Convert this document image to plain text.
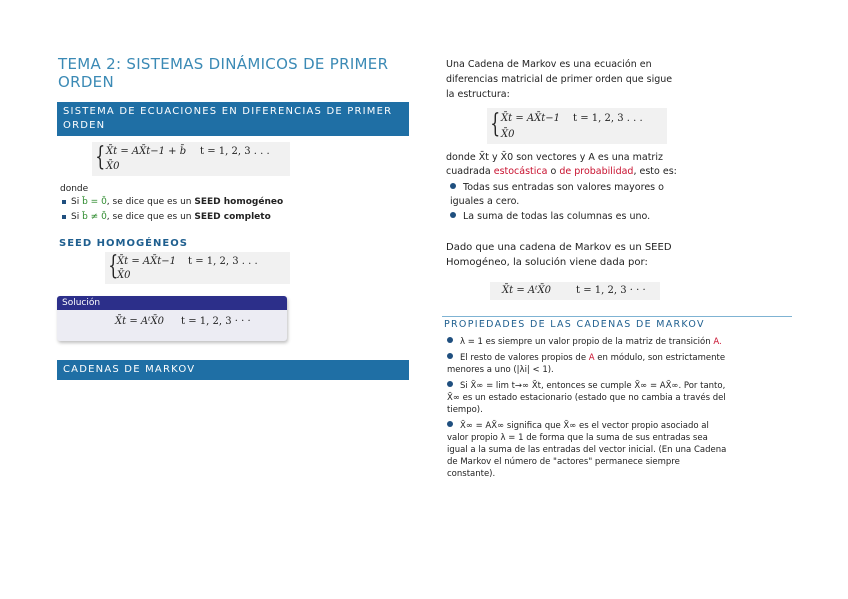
TEMA 2: SISTEMAS DINÁMICOS DE PRIMER ORDEN
SISTEMA DE ECUACIONES EN DIFERENCIAS DE PRIMER ORDEN
{ X̄t = AX̄t−1 + b̄ t = 1, 2, 3 . . .
X̄0
donde
Si b̄ = 0̄, se dice que es un SEED homogéneo
Si b̄ ≠ 0̄, se dice que es un SEED completo
SEED HOMOGÉNEOS
{
X̄t = AX̄t−1 t = 1, 2, 3 . . .
X̄0
Solución
X̄t = AᵗX̄0 t = 1, 2, 3 · · ·
CADENAS DE MARKOV
Una Cadena de Markov es una ecuación en diferencias matricial de primer orden que sigue la estructura:
{ X̄t = AX̄t−1 t = 1, 2, 3 . . .
X̄0
donde X̄t y X̄0 son vectores y A es una matriz cuadrada estocástica o de probabilidad, esto es:
Todas sus entradas son valores mayores o iguales a cero.
La suma de todas las columnas es uno.
Dado que una cadena de Markov es un SEED Homogéneo, la solución viene dada por:
X̄t = AᵗX̄0 t = 1, 2, 3 · · ·
PROPIEDADES DE LAS CADENAS DE MARKOV
λ = 1 es siempre un valor propio de la matriz de transición A.
El resto de valores propios de A en módulo, son estrictamente menores a uno (|λi| < 1).
Si X̄∞ = lim t→∞ X̄t, entonces se cumple X̄∞ = AX̄∞. Por tanto, X̄∞ es un estado estacionario (estado que no cambia a través del tiempo).
X̄∞ = AX̄∞ significa que X̄∞ es el vector propio asociado al valor propio λ = 1 de forma que la suma de sus entradas sea igual a la suma de las entradas del vector inicial. (En una Cadena de Markov el número de "actores" permanece siempre constante).
